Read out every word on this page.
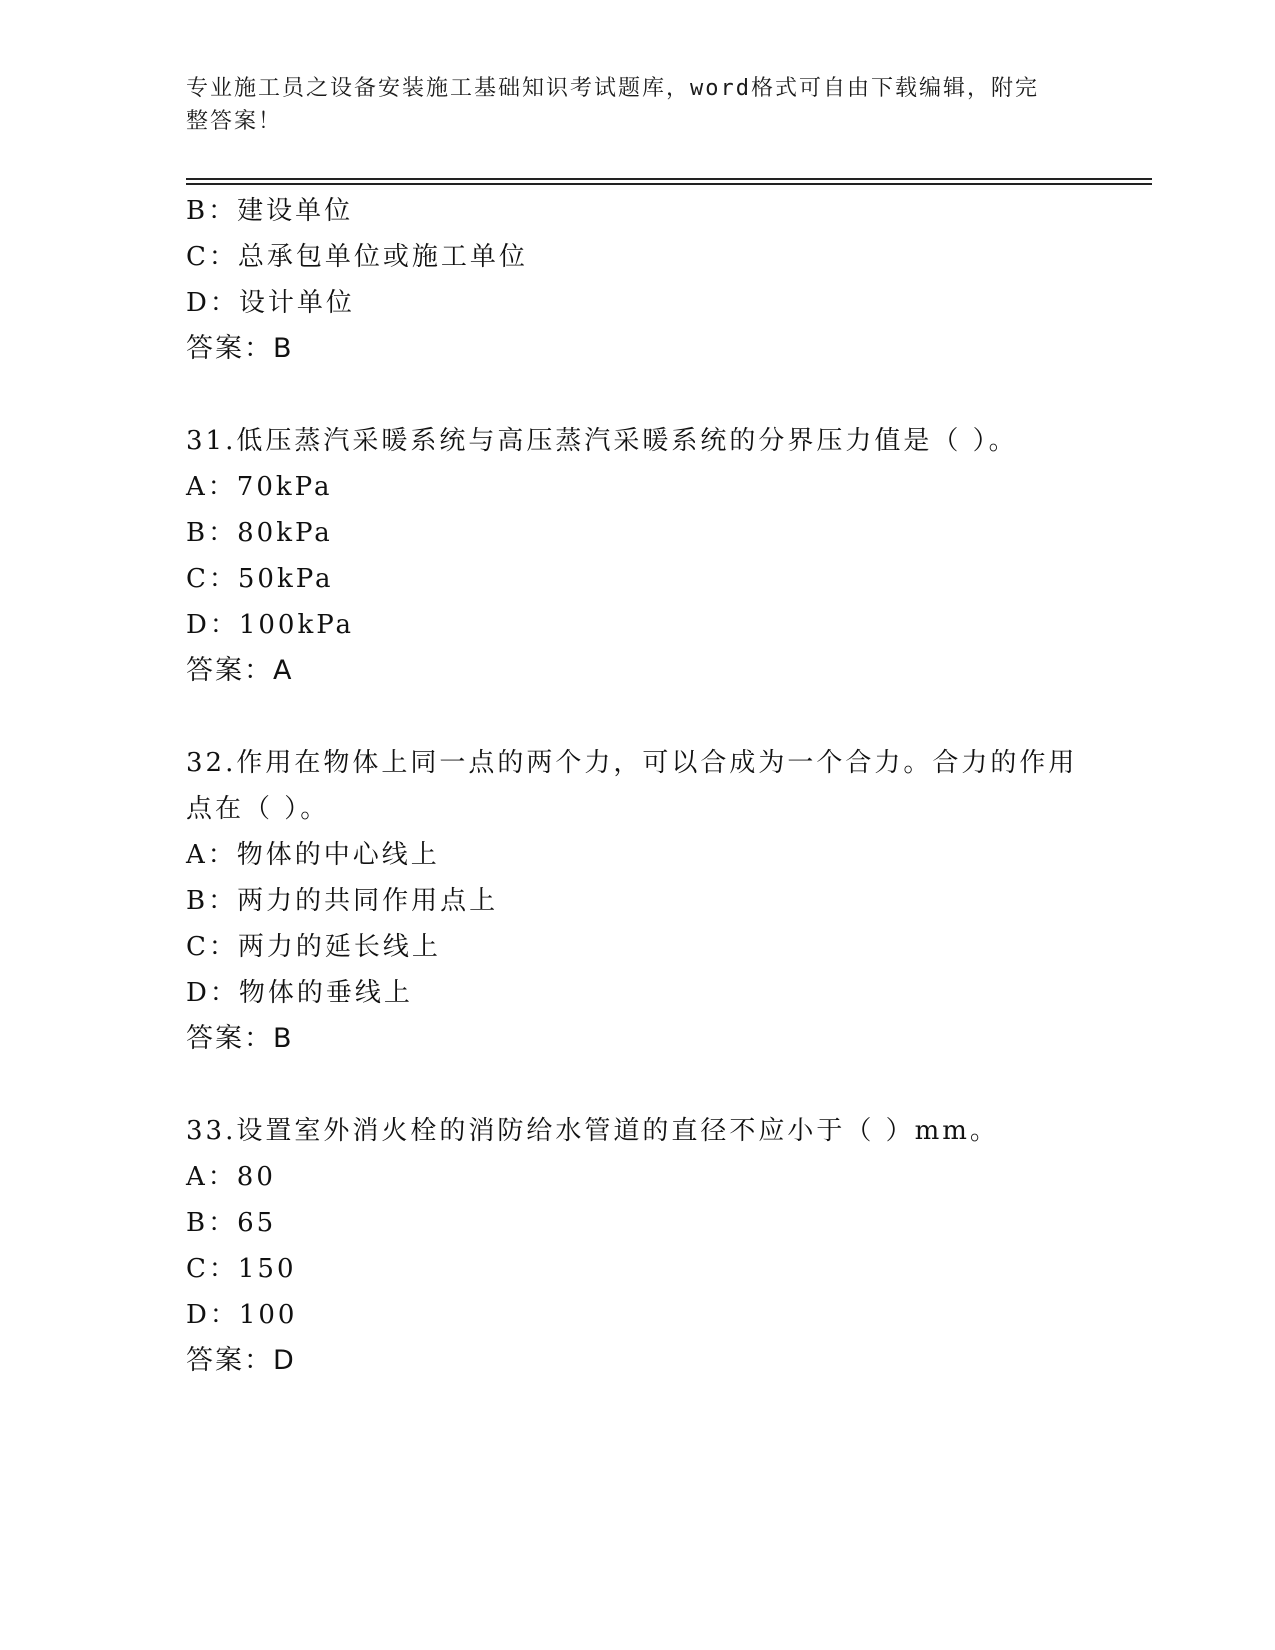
专业施工员之设备安装施工基础知识考试题库，word格式可自由下载编辑，附完
整答案！
B：建设单位
C：总承包单位或施工单位
D：设计单位
答案：B
31.低压蒸汽采暖系统与高压蒸汽采暖系统的分界压力值是（ ）。
A：70kPa
B：80kPa
C：50kPa
D：100kPa
答案：A
32.作用在物体上同一点的两个力，可以合成为一个合力。合力的作用
点在（ ）。
A：物体的中心线上
B：两力的共同作用点上
C：两力的延长线上
D：物体的垂线上
答案：B
33.设置室外消火栓的消防给水管道的直径不应小于（ ）mm。
A：80
B：65
C：150
D：100
答案：D
